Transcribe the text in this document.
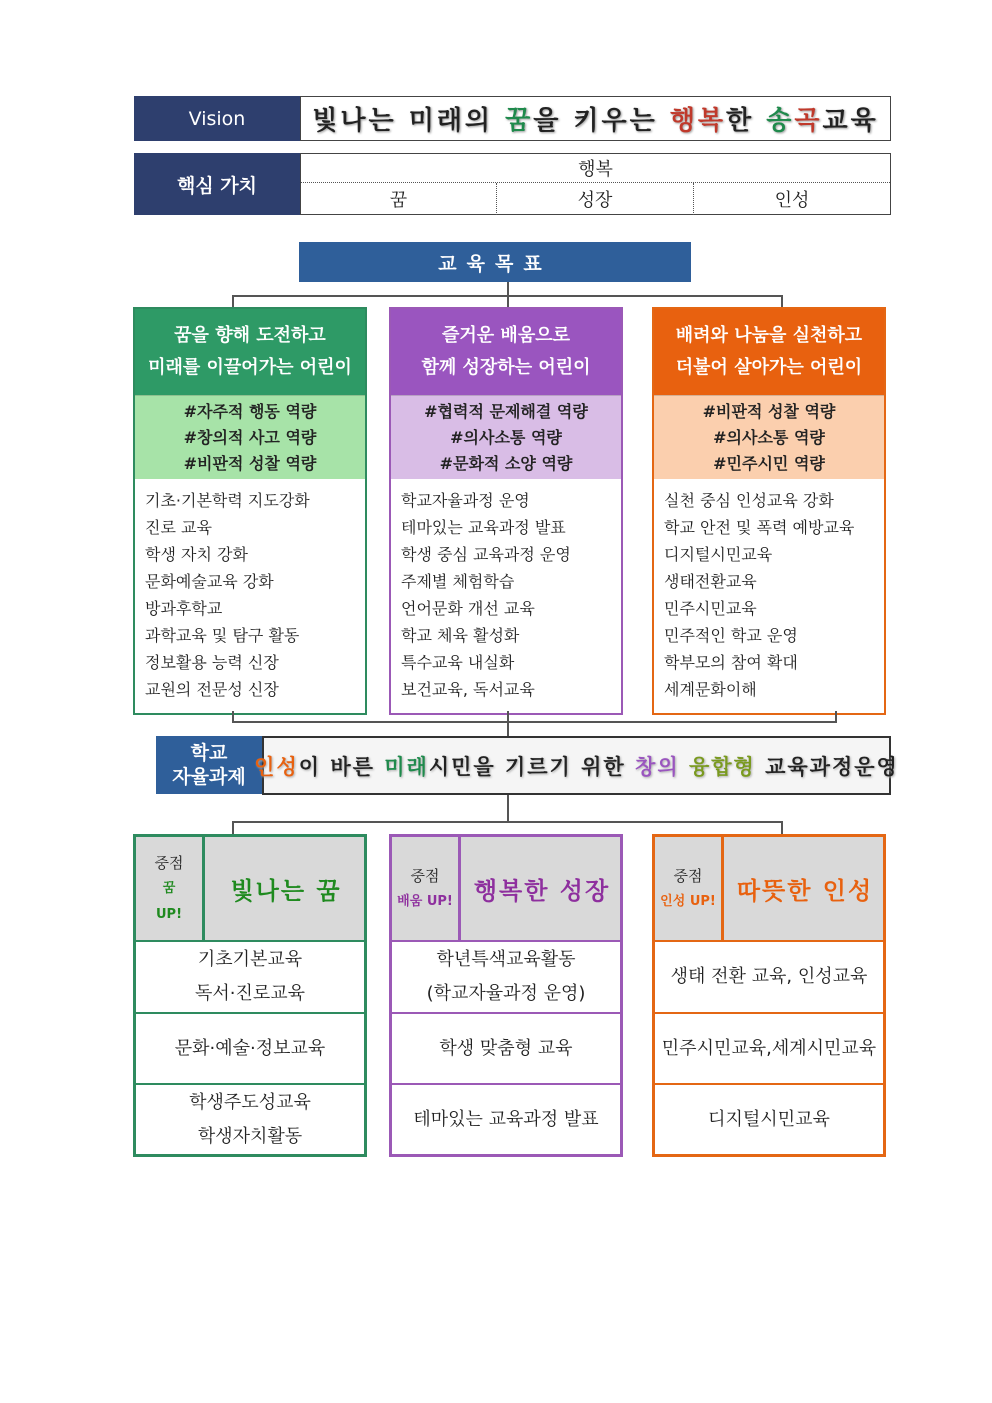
Vision	빛나는 미래의 꿈 을 키우는 행복 한 송 곡 교육
핵심 가치
행복
꿈	성장	인성
교육목표
꿈을 향해 도전하고
미래를 이끌어가는 어린이
#자주적 행동 역량
#창의적 사고 역량
#비판적 성찰 역량
기초·기본학력 지도강화
진로 교육
학생 자치 강화
문화예술교육 강화
방과후학교
과학교육 및 탐구 활동
정보활용 능력 신장
교원의 전문성 신장
즐거운 배움으로
함께 성장하는 어린이
#협력적 문제해결 역량
#의사소통 역량
#문화적 소양 역량
학교자율과정 운영
테마있는 교육과정 발표
학생 중심 교육과정 운영
주제별 체험학습
언어문화 개선 교육
학교 체육 활성화
특수교육 내실화
보건교육, 독서교육
배려와 나눔을 실천하고
더불어 살아가는 어린이
#비판적 성찰 역량
#의사소통 역량
#민주시민 역량
실천 중심 인성교육 강화
학교 안전 및 폭력 예방교육
디지털시민교육
생태전환교육
민주시민교육
민주적인 학교 운영
학부모의 참여 확대
세계문화이해
학교
자율과제 인성 이 바른 미래 시민을 기르기 위한 창의 융합형 교육과정운영
중점
꿈
UP!
빛나는 꿈
기초기본교육
독서·진로교육
문화·예술·정보교육
학생주도성교육
학생자치활동
중점
배움 UP! 행복한 성장
학년특색교육활동
(학교자율과정 운영)
학생 맞춤형 교육
테마있는 교육과정 발표
중점
인성 UP! 따뜻한 인성
생태 전환 교육, 인성교육
민주시민교육,세계시민교육
디지털시민교육
